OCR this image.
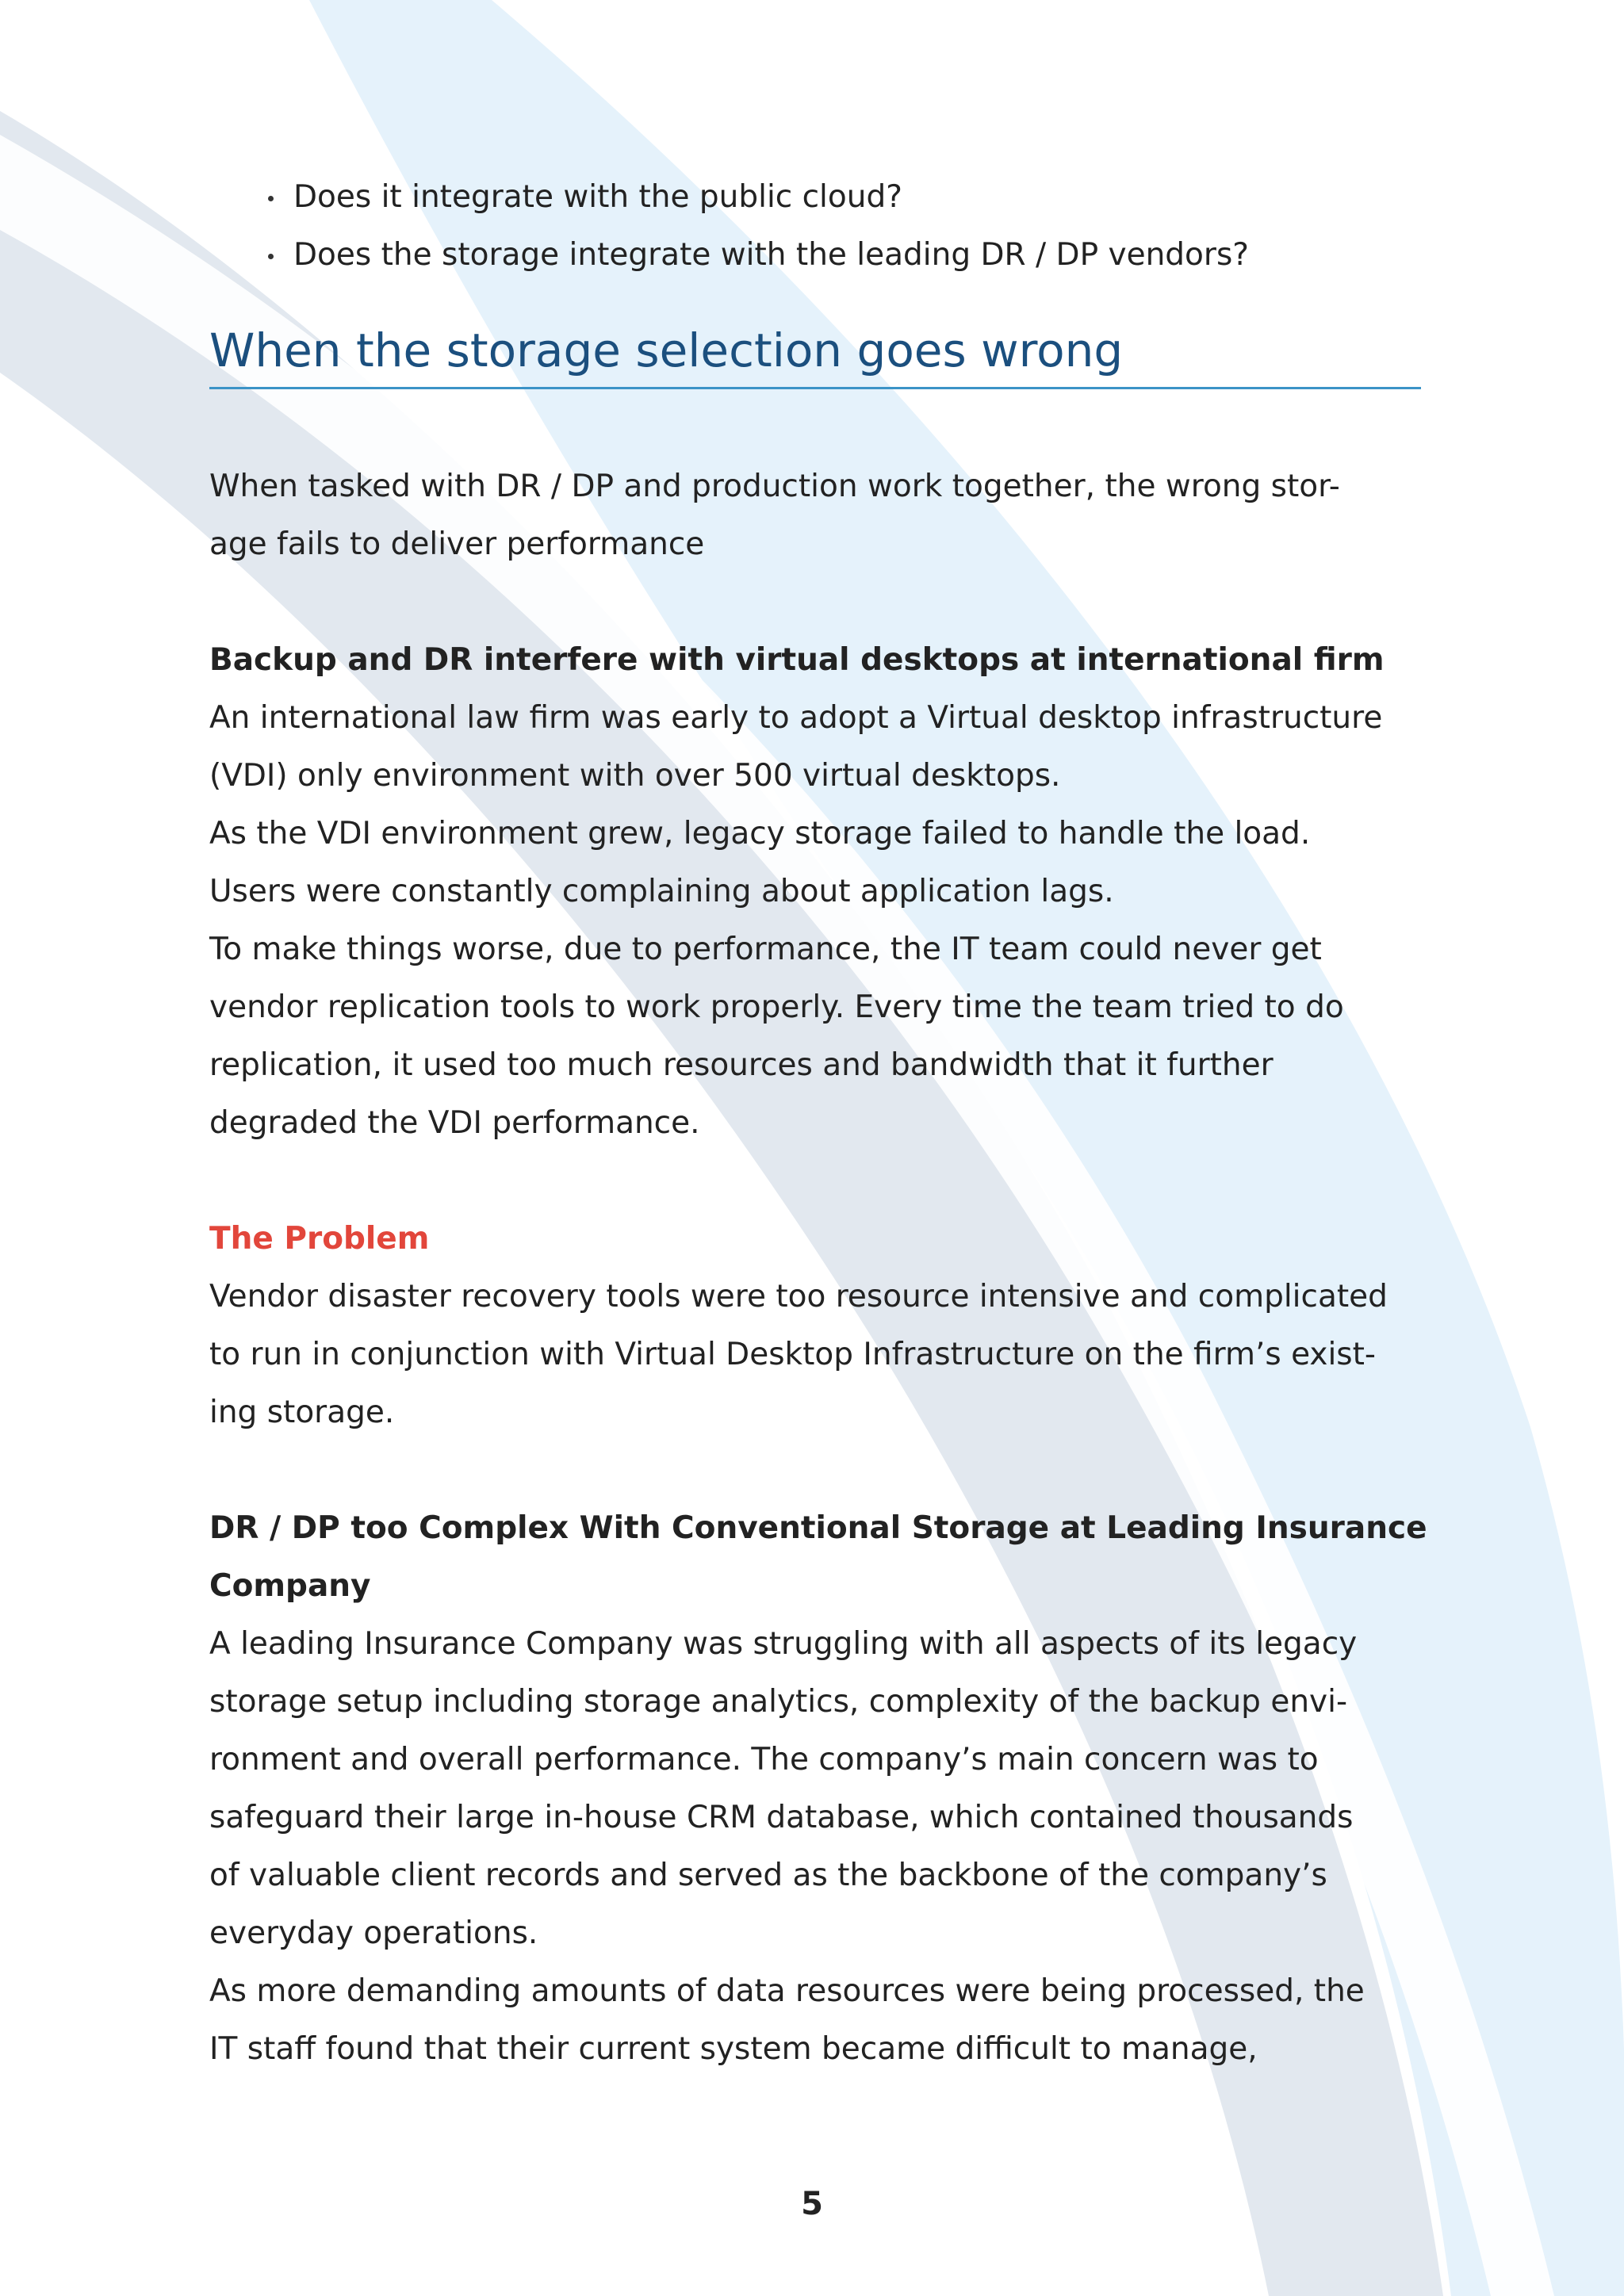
Does it integrate with the public cloud?
Does the storage integrate with the leading DR / DP vendors?
When the storage selection goes wrong

When tasked with DR / DP and production work together, the wrong stor-

age fails to deliver performance

Backup and DR interfere with virtual desktops at international firm

An international law firm was early to adopt a Virtual desktop infrastructure

(VDI) only environment with over 500 virtual desktops.

As the VDI environment grew, legacy storage failed to handle the load.

Users were constantly complaining about application lags.

To make things worse, due to performance, the IT team could never get

vendor replication tools to work properly. Every time the team tried to do

replication, it used too much resources and bandwidth that it further

degraded the VDI performance.

The Problem

Vendor disaster recovery tools were too resource intensive and complicated

to run in conjunction with Virtual Desktop Infrastructure on the firm’s exist-

ing storage.

DR / DP too Complex With Conventional Storage at Leading Insurance

Company

A leading Insurance Company was struggling with all aspects of its legacy

storage setup including storage analytics, complexity of the backup envi-

ronment and overall performance. The company’s main concern was to

safeguard their large in-house CRM database, which contained thousands

of valuable client records and served as the backbone of the company’s

everyday operations.

As more demanding amounts of data resources were being processed, the

IT staff found that their current system became difficult to manage,

5
